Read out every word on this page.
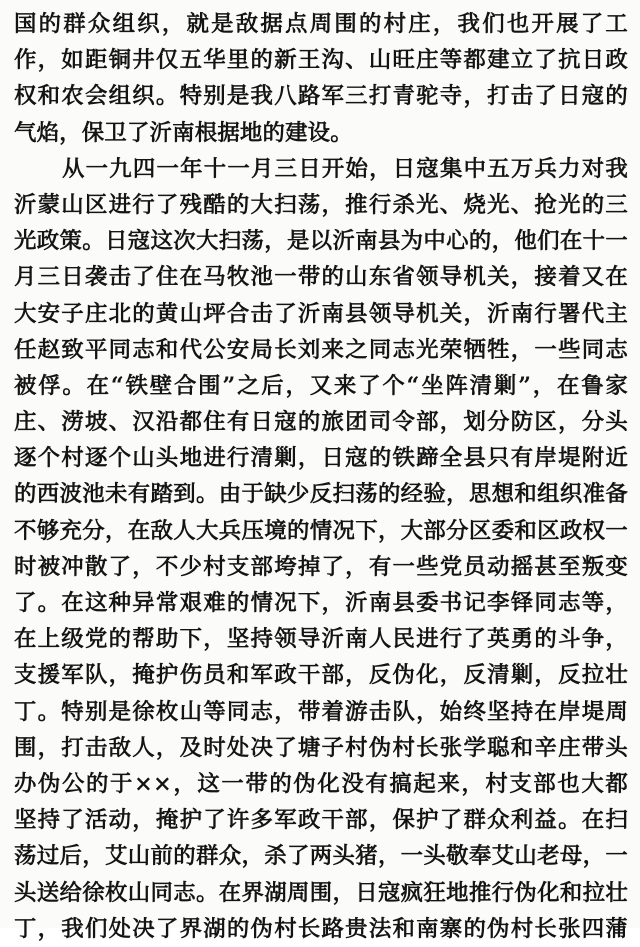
国的群众组织，就是敌据点周围的村庄，我们也开展了工
作，如距铜井仅五华里的新王沟、山旺庄等都建立了抗日政
权和农会组织。特别是我八路军三打青驼寺，打击了日寇的
气焰，保卫了沂南根据地的建设。
从一九四一年十一月三日开始，日寇集中五万兵力对我
沂蒙山区进行了残酷的大扫荡，推行杀光、烧光、抢光的三
光政策。日寇这次大扫荡，是以沂南县为中心的，他们在十一
月三日袭击了住在马牧池一带的山东省领导机关，接着又在
大安子庄北的黄山坪合击了沂南县领导机关，沂南行署代主
任赵致平同志和代公安局长刘来之同志光荣牺牲，一些同志
被俘。在“铁壁合围”之后，又来了个“坐阵清剿”，在鲁家
庄、涝坡、汉沿都住有日寇的旅团司令部，划分防区，分头
逐个村逐个山头地进行清剿，日寇的铁蹄全县只有岸堤附近
的西波池未有踏到。由于缺少反扫荡的经验，思想和组织准备
不够充分，在敌人大兵压境的情况下，大部分区委和区政权一
时被冲散了，不少村支部垮掉了，有一些党员动摇甚至叛变
了。在这种异常艰难的情况下，沂南县委书记李铎同志等，
在上级党的帮助下，坚持领导沂南人民进行了英勇的斗争，
支援军队，掩护伤员和军政干部，反伪化，反清剿，反拉壮
丁。特别是徐枚山等同志，带着游击队，始终坚持在岸堤周
围，打击敌人，及时处决了塘子村伪村长张学聪和辛庄带头
办伪公的于××，这一带的伪化没有搞起来，村支部也大都
坚持了活动，掩护了许多军政干部，保护了群众利益。在扫
荡过后，艾山前的群众，杀了两头猪，一头敬奉艾山老母，一
头送给徐枚山同志。在界湖周围，日寇疯狂地推行伪化和拉壮
丁，我们处决了界湖的伪村长路贵法和南寨的伪村长张四蒲
